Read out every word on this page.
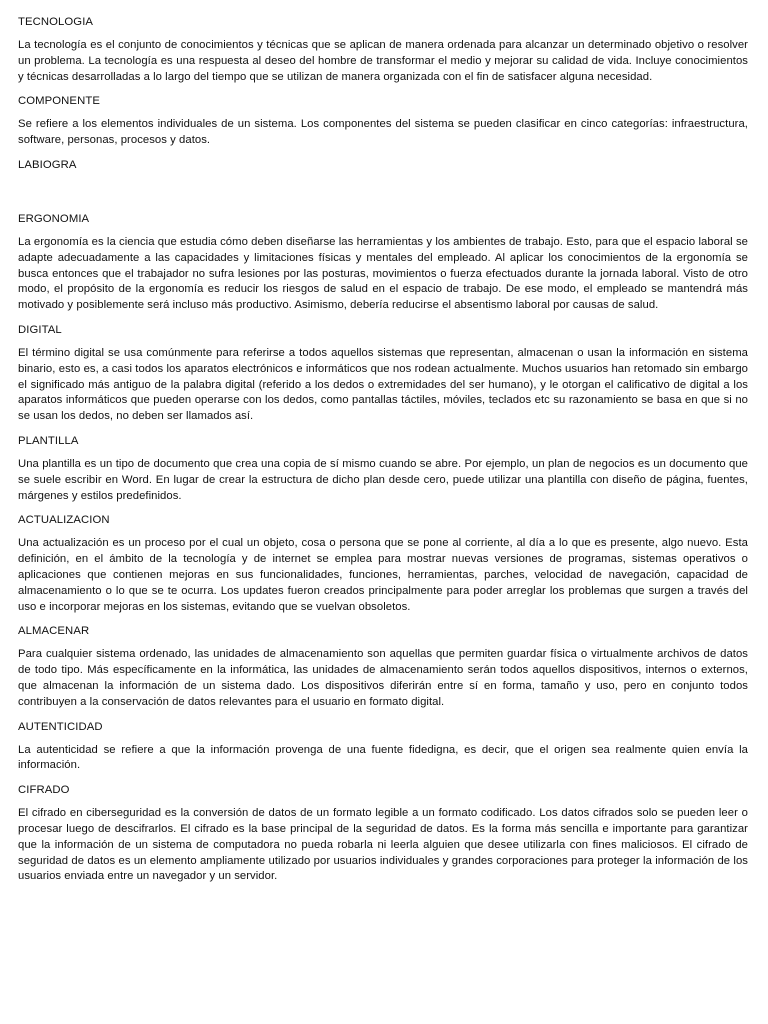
TECNOLOGIA
La tecnología es el conjunto de conocimientos y técnicas que se aplican de manera ordenada para alcanzar un determinado objetivo o resolver un problema. La tecnología es una respuesta al deseo del hombre de transformar el medio y mejorar su calidad de vida. Incluye conocimientos y técnicas desarrolladas a lo largo del tiempo que se utilizan de manera organizada con el fin de satisfacer alguna necesidad.
COMPONENTE
Se refiere a los elementos individuales de un sistema. Los componentes del sistema se pueden clasificar en cinco categorías: infraestructura, software, personas, procesos y datos.
LABIOGRA
ERGONOMIA
La ergonomía es la ciencia que estudia cómo deben diseñarse las herramientas y los ambientes de trabajo. Esto, para que el espacio laboral se adapte adecuadamente a las capacidades y limitaciones físicas y mentales del empleado. Al aplicar los conocimientos de la ergonomía se busca entonces que el trabajador no sufra lesiones por las posturas, movimientos o fuerza efectuados durante la jornada laboral. Visto de otro modo, el propósito de la ergonomía es reducir los riesgos de salud en el espacio de trabajo. De ese modo, el empleado se mantendrá más motivado y posiblemente será incluso más productivo. Asimismo, debería reducirse el absentismo laboral por causas de salud.
DIGITAL
El término digital se usa comúnmente para referirse a todos aquellos sistemas que representan, almacenan o usan la información en sistema binario, esto es, a casi todos los aparatos electrónicos e informáticos que nos rodean actualmente. Muchos usuarios han retomado sin embargo el significado más antiguo de la palabra digital (referido a los dedos o extremidades del ser humano), y le otorgan el calificativo de digital a los aparatos informáticos que pueden operarse con los dedos, como pantallas táctiles, móviles, teclados etc su razonamiento se basa en que si no se usan los dedos, no deben ser llamados así.
PLANTILLA
Una plantilla es un tipo de documento que crea una copia de sí mismo cuando se abre. Por ejemplo, un plan de negocios es un documento que se suele escribir en Word. En lugar de crear la estructura de dicho plan desde cero, puede utilizar una plantilla con diseño de página, fuentes, márgenes y estilos predefinidos.
ACTUALIZACION
Una actualización es un proceso por el cual un objeto, cosa o persona que se pone al corriente, al día a lo que es presente, algo nuevo. Esta definición, en el ámbito de la tecnología y de internet se emplea para mostrar nuevas versiones de programas, sistemas operativos o aplicaciones que contienen mejoras en sus funcionalidades, funciones, herramientas, parches, velocidad de navegación, capacidad de almacenamiento o lo que se te ocurra. Los updates fueron creados principalmente para poder arreglar los problemas que surgen a través del uso e incorporar mejoras en los sistemas, evitando que se vuelvan obsoletos.
ALMACENAR
Para cualquier sistema ordenado, las unidades de almacenamiento son aquellas que permiten guardar física o virtualmente archivos de datos de todo tipo. Más específicamente en la informática, las unidades de almacenamiento serán todos aquellos dispositivos, internos o externos, que almacenan la información de un sistema dado. Los dispositivos diferirán entre sí en forma, tamaño y uso, pero en conjunto todos contribuyen a la conservación de datos relevantes para el usuario en formato digital.
AUTENTICIDAD
La autenticidad se refiere a que la información provenga de una fuente fidedigna, es decir, que el origen sea realmente quien envía la información.
CIFRADO
El cifrado en ciberseguridad es la conversión de datos de un formato legible a un formato codificado. Los datos cifrados solo se pueden leer o procesar luego de descifrarlos. El cifrado es la base principal de la seguridad de datos. Es la forma más sencilla e importante para garantizar que la información de un sistema de computadora no pueda robarla ni leerla alguien que desee utilizarla con fines maliciosos. El cifrado de seguridad de datos es un elemento ampliamente utilizado por usuarios individuales y grandes corporaciones para proteger la información de los usuarios enviada entre un navegador y un servidor.
